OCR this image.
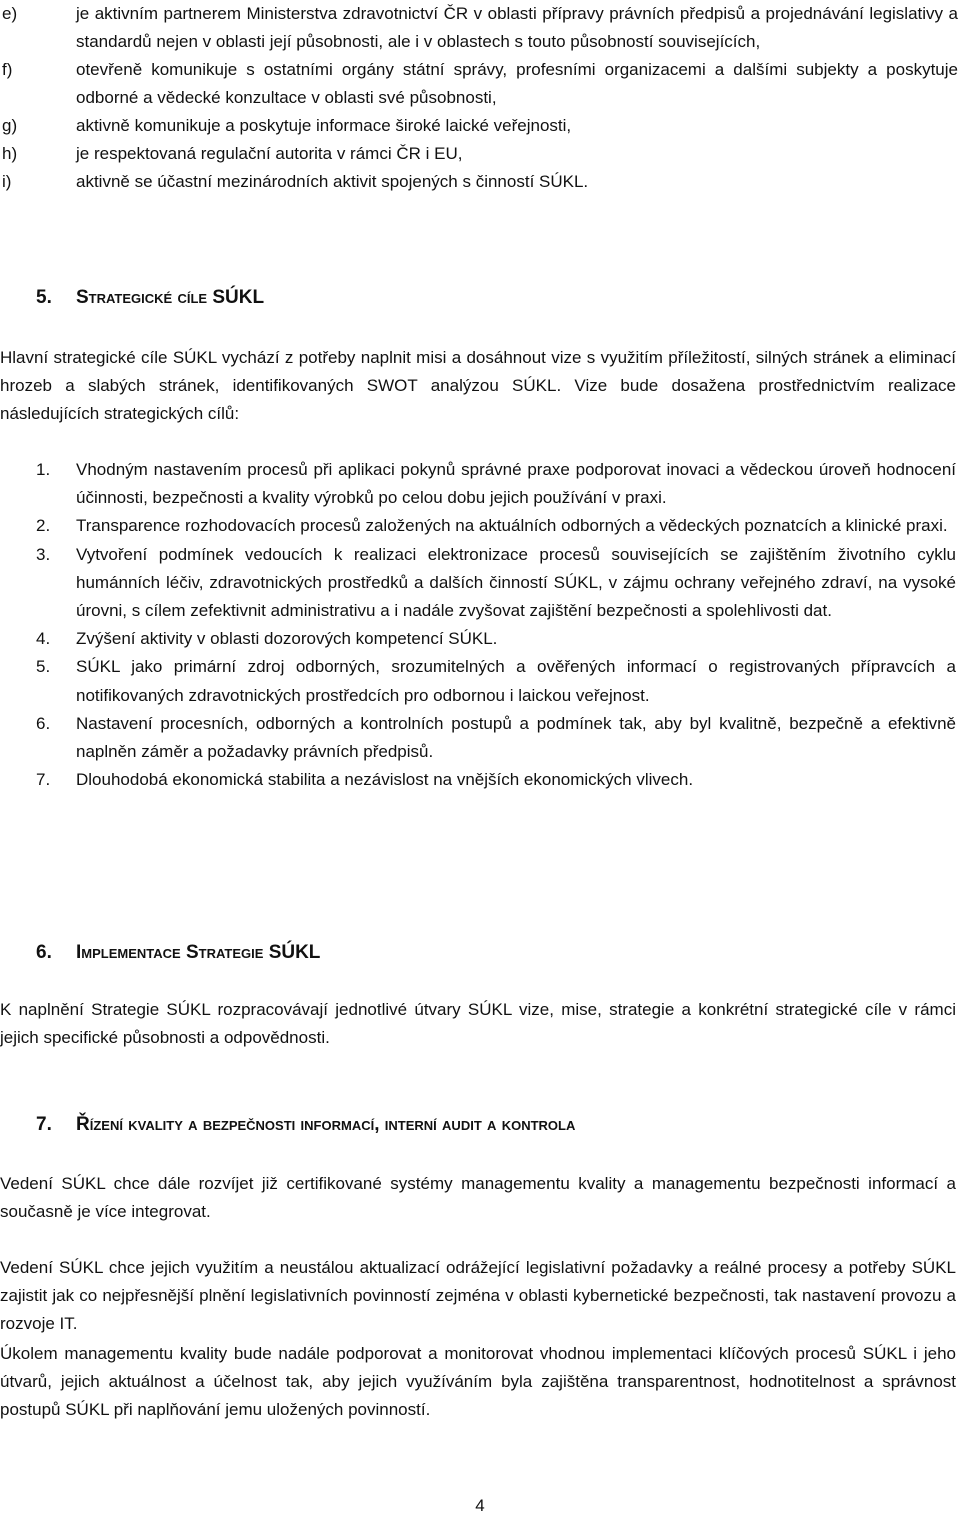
e)	je aktivním partnerem Ministerstva zdravotnictví ČR v oblasti přípravy právních předpisů a projednávání legislativy a standardů nejen v oblasti její působnosti, ale i v oblastech s touto působností souvisejících,
f)	otevřeně komunikuje s ostatními orgány státní správy, profesními organizacemi a dalšími subjekty a poskytuje odborné a vědecké konzultace v oblasti své působnosti,
g)	aktivně komunikuje a poskytuje informace široké laické veřejnosti,
h)	je respektovaná regulační autorita v rámci ČR i EU,
i)	aktivně se účastní mezinárodních aktivit spojených s činností SÚKL.
5.	Strategické cíle SÚKL

Hlavní strategické cíle SÚKL vychází z potřeby naplnit misi a dosáhnout vize s využitím příležitostí, silných stránek a eliminací hrozeb a slabých stránek, identifikovaných SWOT analýzou SÚKL. Vize bude dosažena prostřednictvím realizace následujících strategických cílů:

1.	Vhodným nastavením procesů při aplikaci pokynů správné praxe podporovat inovaci a vědeckou úroveň hodnocení účinnosti, bezpečnosti a kvality výrobků po celou dobu jejich používání v praxi.
2.	Transparence rozhodovacích procesů založených na aktuálních odborných a vědeckých poznatcích a klinické praxi.
3.	Vytvoření podmínek vedoucích k realizaci elektronizace procesů souvisejících se zajištěním životního cyklu humánních léčiv, zdravotnických prostředků a dalších činností SÚKL, v zájmu ochrany veřejného zdraví, na vysoké úrovni, s cílem zefektivnit administrativu a i nadále zvyšovat zajištění bezpečnosti a spolehlivosti dat.
4.	Zvýšení aktivity v oblasti dozorových kompetencí SÚKL.
5.	SÚKL jako primární zdroj odborných, srozumitelných a ověřených informací o registrovaných přípravcích a notifikovaných zdravotnických prostředcích pro odbornou i laickou veřejnost.
6.	Nastavení procesních, odborných a kontrolních postupů a podmínek tak, aby byl kvalitně, bezpečně a efektivně naplněn záměr a požadavky právních předpisů.
7.	Dlouhodobá ekonomická stabilita a nezávislost na vnějších ekonomických vlivech.
6.	Implementace Strategie SÚKL

K naplnění Strategie SÚKL rozpracovávají jednotlivé útvary SÚKL vize, mise, strategie a konkrétní strategické cíle v rámci jejich specifické působnosti a odpovědnosti.

7.	Řízení kvality a bezpečnosti informací, interní audit a kontrola

Vedení SÚKL chce dále rozvíjet již certifikované systémy managementu kvality a managementu bezpečnosti informací a současně je více integrovat.

Vedení SÚKL chce jejich využitím a neustálou aktualizací odrážející legislativní požadavky a reálné procesy a potřeby SÚKL zajistit jak co nejpřesnější plnění legislativních povinností zejména v oblasti kybernetické bezpečnosti, tak nastavení provozu a rozvoje IT.

Úkolem managementu kvality bude nadále podporovat a monitorovat vhodnou implementaci klíčových procesů SÚKL i jeho útvarů, jejich aktuálnost a účelnost tak, aby jejich využíváním byla zajištěna transparentnost, hodnotitelnost a správnost postupů SÚKL při naplňování jemu uložených povinností.

4
